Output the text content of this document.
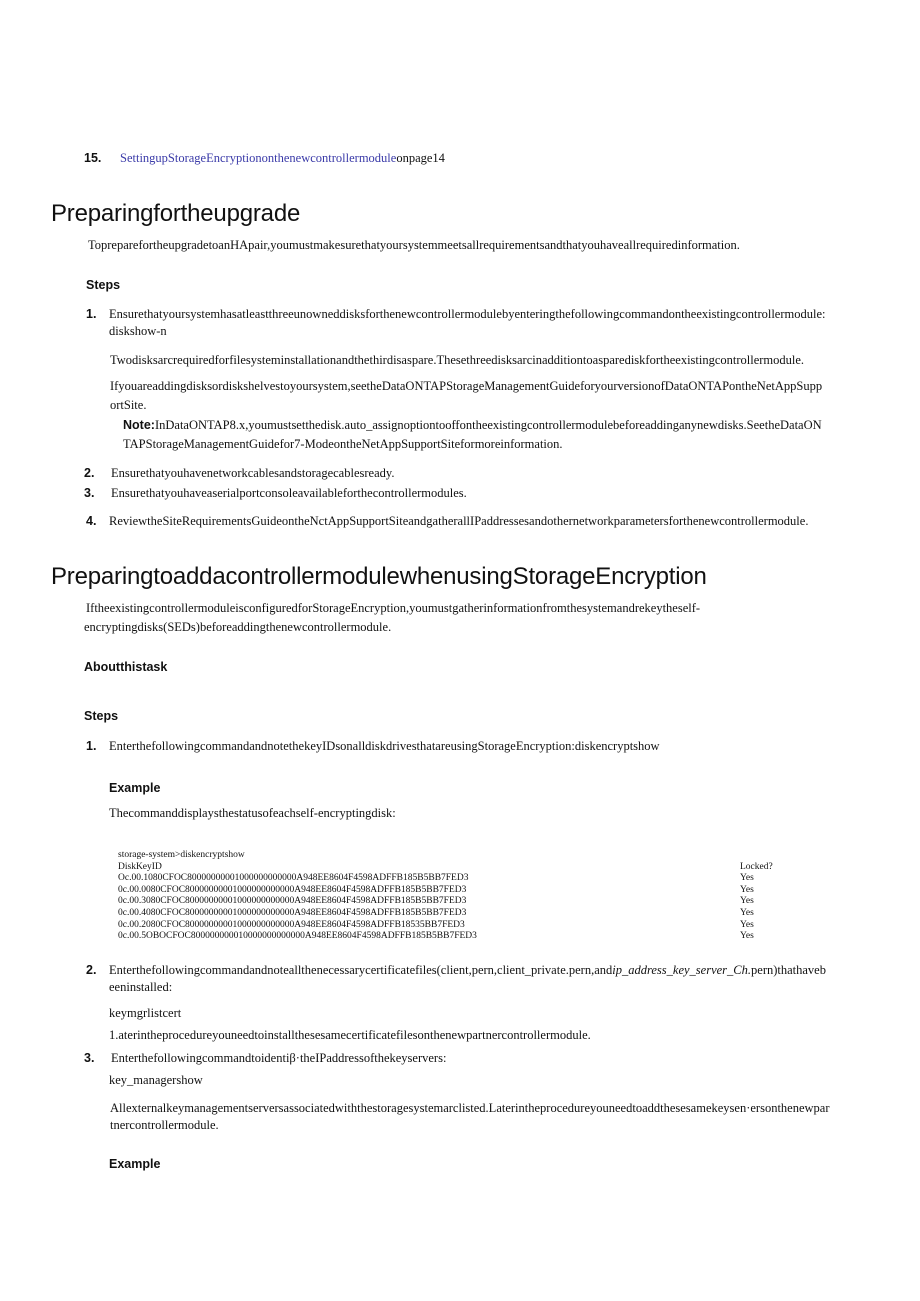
15. SettingupStorageEncryptiononthenewcontrollermoduleonpage14
Preparingfortheupgrade
TopreparefortheupgradetoanHApair,youmustmakesurethatyoursystemmeetsallrequirementsandthatyouhaveallrequiredinformation.
Steps
1. Ensurethatyoursystemhasatleastthreeunowneddisksforthenewcontrollermodulebyenteringthefollowingcommandontheexistingcontrollermodule:
diskshow-n
Twodisksarcrequiredforfilesysteminstallationandthethirdisaspare.Thesethreedisksarcinadditiontoasparediskfortheexistingcontrollermodule.
Ifyouareaddingdisksordiskshelvestoyoursystem,seetheDataONTAPStorageManagementGuideforyourversionofDataONTAPontheNetAppSupp
ortSite.
Note:InDataONTAP8.x,youmustsetthedisk.auto_assignoptiontooffontheexistingcontrollermodulebeforeaddinganynewdisks.SeetheDataON
TAPStorageManagementGuidefor7-ModeontheNetAppSupportSiteformoreinformation.
2. Ensurethatyouhavenetworkcablesandstoragecablesready.
3. Ensurethatyouhaveaserialportconsoleavailableforthecontrollermodules.
4. ReviewtheSiteRequirementsGuideontheNctAppSupportSiteandgatherallIPaddressesandothernetworkparametersforthenewcontrollermodule.
PreparingtoaddacontrollermodulewhenusingStorageEncryption
IftheexistingcontrollermoduleisconfiguredforStorageEncryption,youmustgatherinformationfromthesystemandrekeytheself-
encryptingdisks(SEDs)beforeaddingthenewcontrollermodule.
Aboutthistask
Steps
1. EnterthefollowingcommandandnotethekeyIDsonalldiskdrivesthatareusingStorageEncryption:diskencryptshow
Example
Thecommanddisplaysthestatusofeachself-encryptingdisk:
storage-system>diskencryptshow
DiskKeyID	Locked?
Oc.00.1080CFOC80000000001000000000000A948EE8604F4598ADFFB185B5BB7FED3	Yes
0c.00.0080CFOC80000000001000000000000A948EE8604F4598ADFFB185B5BB7FED3	Yes
0c.00.3080CFOC80000000001000000000000A948EE8604F4598ADFFB185B5BB7FED3	Yes
0c.00.4080CFOC80000000001000000000000A948EE8604F4598ADFFB185B5BB7FED3	Yes
0c.00.2080CFOC80000000001000000000000A948EE8604F4598ADFFB18535BB7FED3	Yes
0c.00.5OBOCFOC800000000010000000000000A948EE8604F4598ADFFB185B5BB7FED3	Yes
2. Enterthefollowingcommandandnoteallthenecessarycertificatefiles(client,pern,client_private.pern,andip_address_key_server_Ch.pern)thathaveb
eeninstalled:
keymgrlistcert
1.aterintheprocedureyouneedtoinstallthesesamecertificatefilesonthenewpartnercontrollermodule.
3. Enterthefollowingcommandtoidentiβ·theIPaddressofthekeyservers:
key_managershow
Allexternalkeymanagementserversassociatedwiththestoragesystemarclisted.Laterintheprocedureyouneedtoaddthesesamekeysen·ersonthenewpar
tnercontrollermodule.
Example
